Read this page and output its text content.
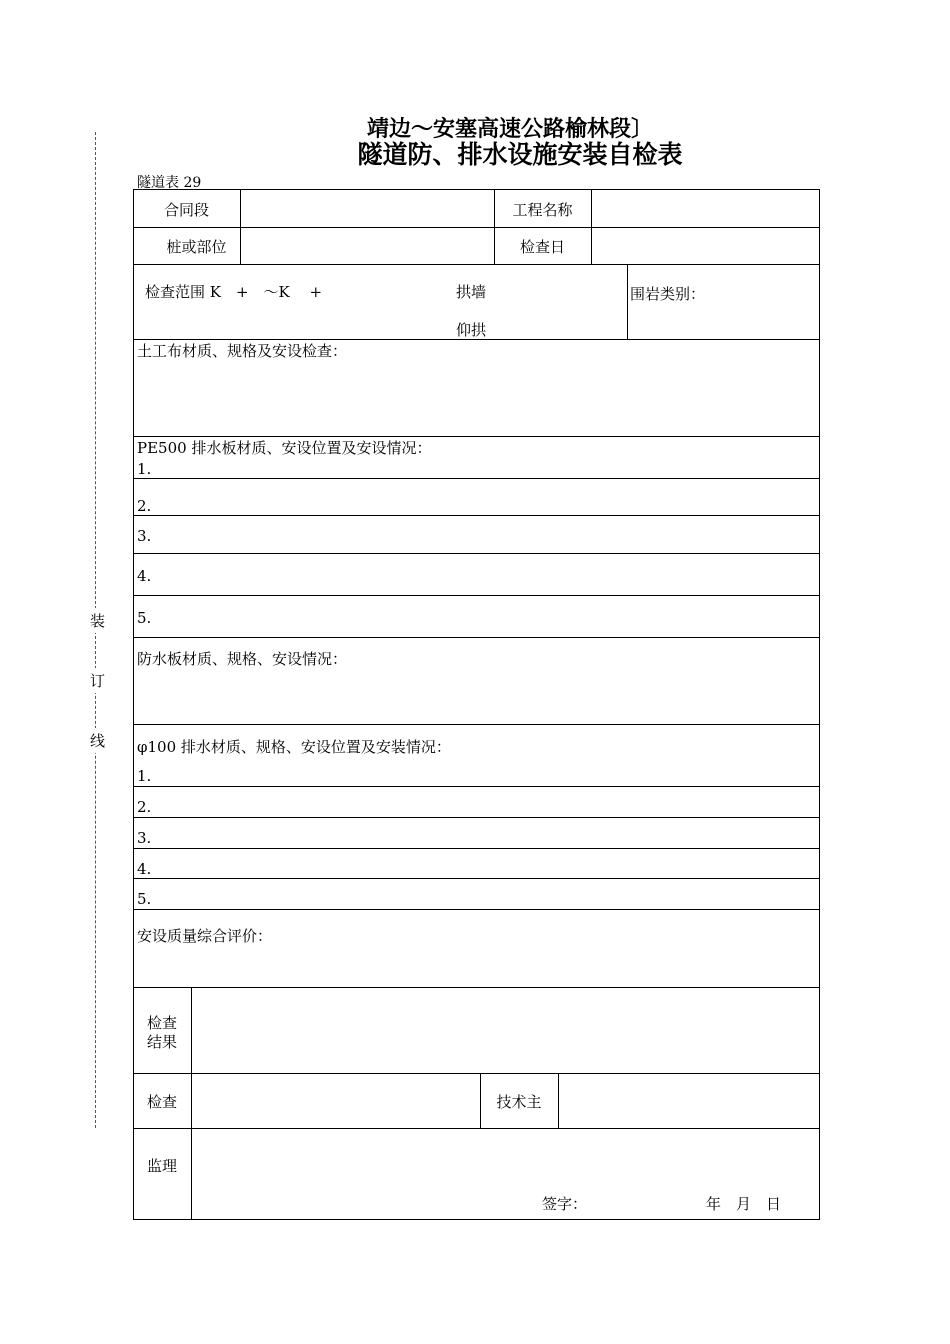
靖边～安塞高速公路榆林段〕
隧道防、排水设施安装自检表
隧道表 29
装
订
线
合同段	工程名称
桩或部位	检查日
检查范围 K　+　～K　 +	拱墙
仰拱
围岩类别：
土工布材质、规格及安设检查：
PE500 排水板材质、安设位置及安设情况：
1.
2.
3.
4.
5.
防水板材质、规格、安设情况：
φ100 排水材质、规格、安设位置及安装情况：
1.
2.
3.
4.
5.
安设质量综合评价：
检查
结果
检查	技术主
监理
签字：	年　月　日
